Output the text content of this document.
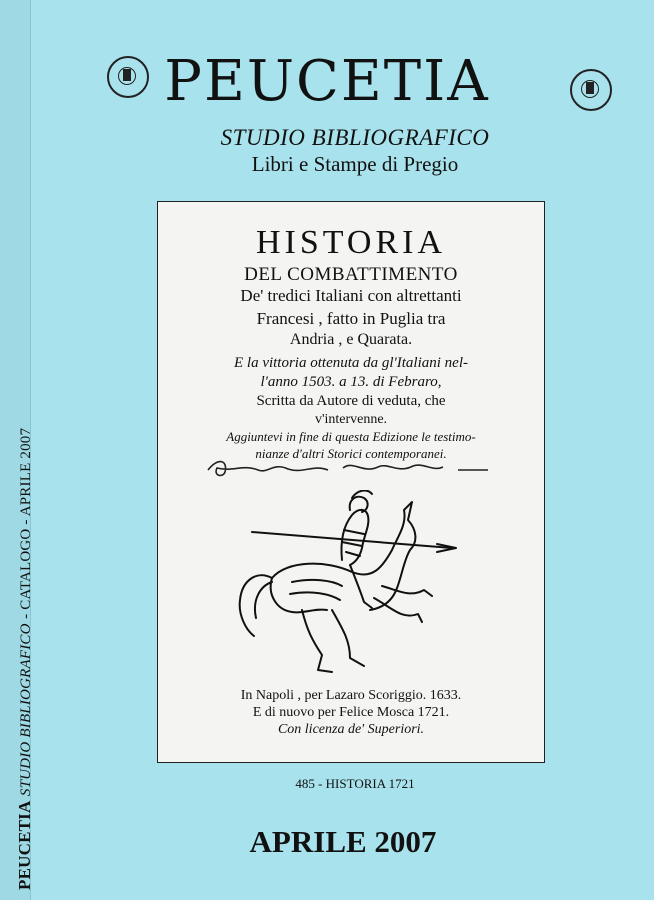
PEUCETIA STUDIO BIBLIOGRAFICO - CATALOGO - APRILE 2007
PEUCETIA
STUDIO BIBLIOGRAFICO
Libri e Stampe di Pregio
HISTORIA
DEL COMBATTIMENTO
De' tredici Italiani con altrettanti
Francesi , fatto in Puglia tra
Andria , e Quarata.
E la vittoria ottenuta da gl'Italiani nel-
l'anno 1503. a 13. di Febraro,
Scritta da Autore di veduta, che
v'intervenne.
Aggiuntevi in fine di questa Edizione le testimo-
nianze d'altri Storici contemporanei.
In Napoli , per Lazaro Scoriggio. 1633.
E di nuovo per Felice Mosca 1721.
Con licenza de' Superiori.
485 - HISTORIA 1721
APRILE 2007
